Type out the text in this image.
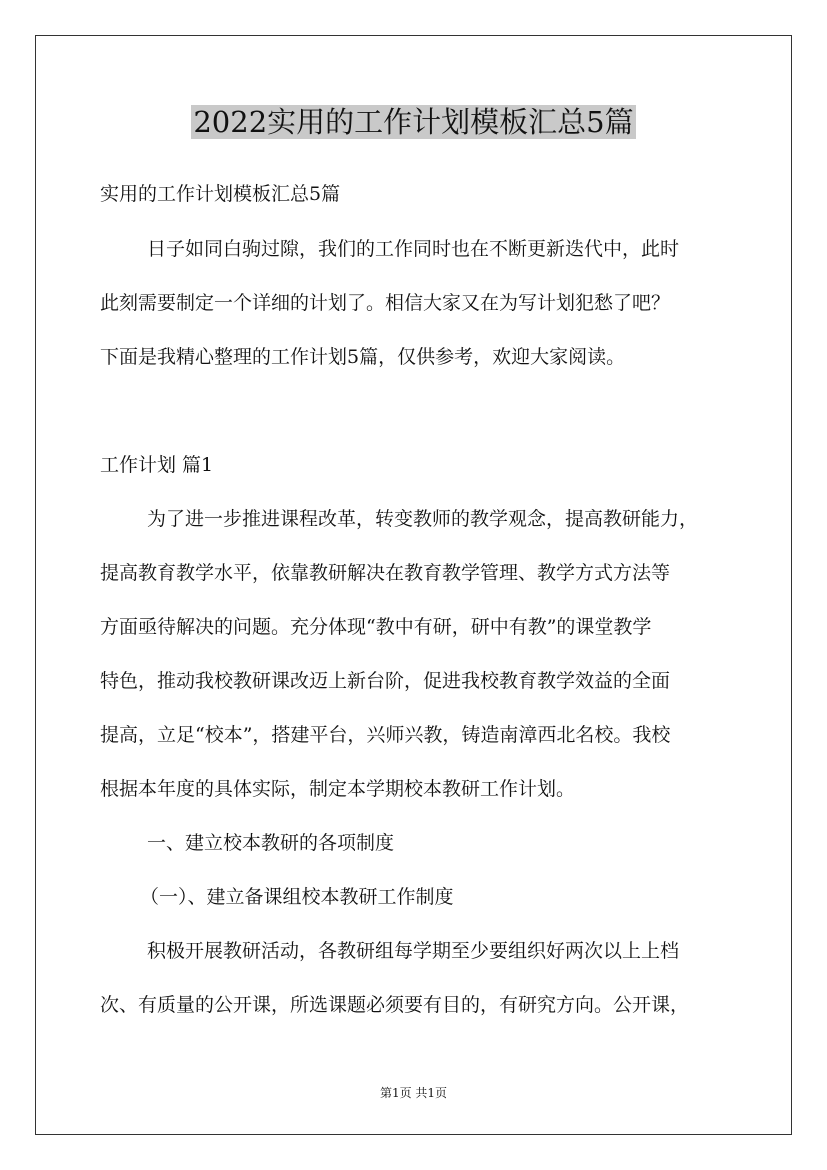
2022实用的工作计划模板汇总5篇
实用的工作计划模板汇总5篇
日子如同白驹过隙，我们的工作同时也在不断更新迭代中，此时
此刻需要制定一个详细的计划了。相信大家又在为写计划犯愁了吧？
下面是我精心整理的工作计划5篇，仅供参考，欢迎大家阅读。
工作计划 篇1
为了进一步推进课程改革，转变教师的教学观念，提高教研能力，
提高教育教学水平，依靠教研解决在教育教学管理、教学方式方法等
方面亟待解决的问题。充分体现“教中有研，研中有教”的课堂教学
特色，推动我校教研课改迈上新台阶，促进我校教育教学效益的全面
提高，立足“校本”，搭建平台，兴师兴教，铸造南漳西北名校。我校
根据本年度的具体实际，制定本学期校本教研工作计划。
一、建立校本教研的各项制度
（一）、建立备课组校本教研工作制度
积极开展教研活动，各教研组每学期至少要组织好两次以上上档
次、有质量的公开课，所选课题必须要有目的，有研究方向。公开课，
第1页 共1页
